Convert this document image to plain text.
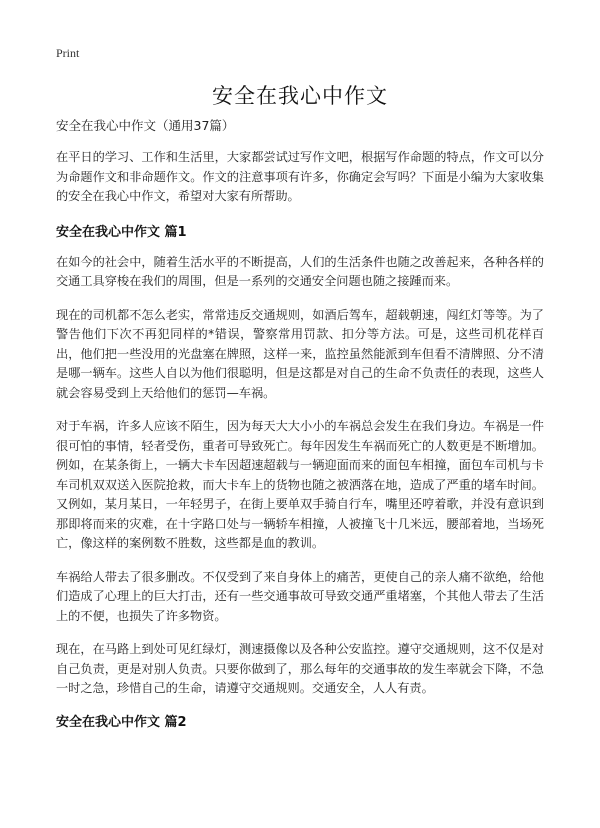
Print
安全在我心中作文

安全在我心中作文（通用37篇）

在平日的学习、工作和生活里，大家都尝试过写作文吧，根据写作命题的特点，作文可以分为命题作文和非命题作文。作文的注意事项有许多，你确定会写吗？下面是小编为大家收集的安全在我心中作文，希望对大家有所帮助。

安全在我心中作文 篇1

在如今的社会中，随着生活水平的不断提高，人们的生活条件也随之改善起来，各种各样的交通工具穿梭在我们的周围，但是一系列的交通安全问题也随之接踵而来。

现在的司机都不怎么老实，常常违反交通规则，如酒后驾车，超载朝速，闯红灯等等。为了警告他们下次不再犯同样的*错误，警察常用罚款、扣分等方法。可是，这些司机花样百出，他们把一些没用的光盘塞在牌照，这样一来，监控虽然能派到车但看不清牌照、分不清是哪一辆车。这些人自以为他们很聪明，但是这都是对自己的生命不负责任的表现，这些人就会容易受到上天给他们的惩罚—车祸。

对于车祸，许多人应该不陌生，因为每天大大小小的车祸总会发生在我们身边。车祸是一件很可怕的事情，轻者受伤，重者可导致死亡。每年因发生车祸而死亡的人数更是不断增加。例如，在某条街上，一辆大卡车因超速超载与一辆迎面而来的面包车相撞，面包车司机与卡车司机双双送入医院抢救，而大卡车上的货物也随之被洒落在地，造成了严重的堵车时间。又例如，某月某日，一年轻男子，在街上要单双手骑自行车，嘴里还哼着歌，并没有意识到那即将而来的灾难，在十字路口处与一辆轿车相撞，人被撞飞十几米远，腰部着地，当场死亡，像这样的案例数不胜数，这些都是血的教训。

车祸给人带去了很多删改。不仅受到了来自身体上的痛苦，更使自己的亲人痛不欲绝，给他们造成了心理上的巨大打击，还有一些交通事故可导致交通严重堵塞，个其他人带去了生活上的不便，也损失了许多物资。

现在，在马路上到处可见红绿灯，测速摄像以及各种公安监控。遵守交通规则，这不仅是对自己负责，更是对别人负责。只要你做到了，那么每年的交通事故的发生率就会下降，不急一时之急，珍惜自己的生命，请遵守交通规则。交通安全，人人有责。

安全在我心中作文 篇2
